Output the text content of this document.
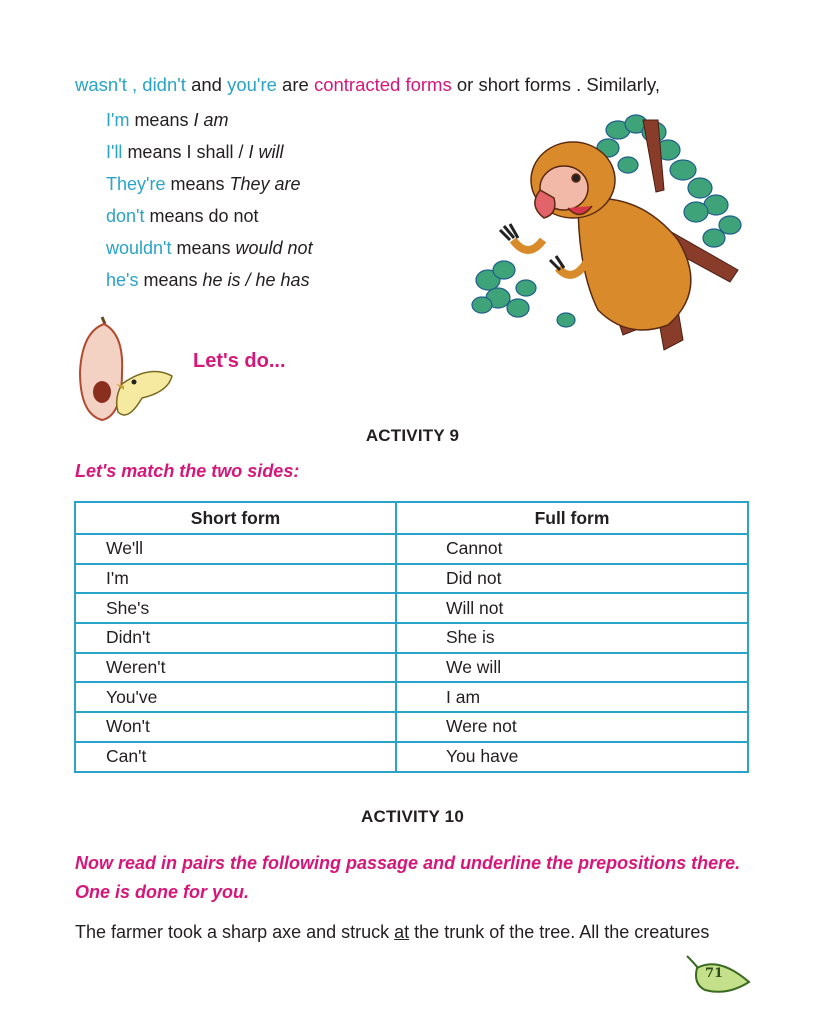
wasn't , didn't and you're are contracted forms or short forms . Similarly,
I'm means I am
I'll means I shall / I will
They're means They are
don't means do not
wouldn't means would not
he's means he is / he has
Let's do...
ACTIVITY 9
Let's match the two sides:
Short form	Full form
We'll	Cannot
I'm	Did not
She's	Will not
Didn't	She is
Weren't	We will
You've	I am
Won't	Were not
Can't	You have
ACTIVITY 10
Now read in pairs the following passage and underline the prepositions there.
One is done for you.
The farmer took a sharp axe and struck at the trunk of the tree. All the creatures
71
